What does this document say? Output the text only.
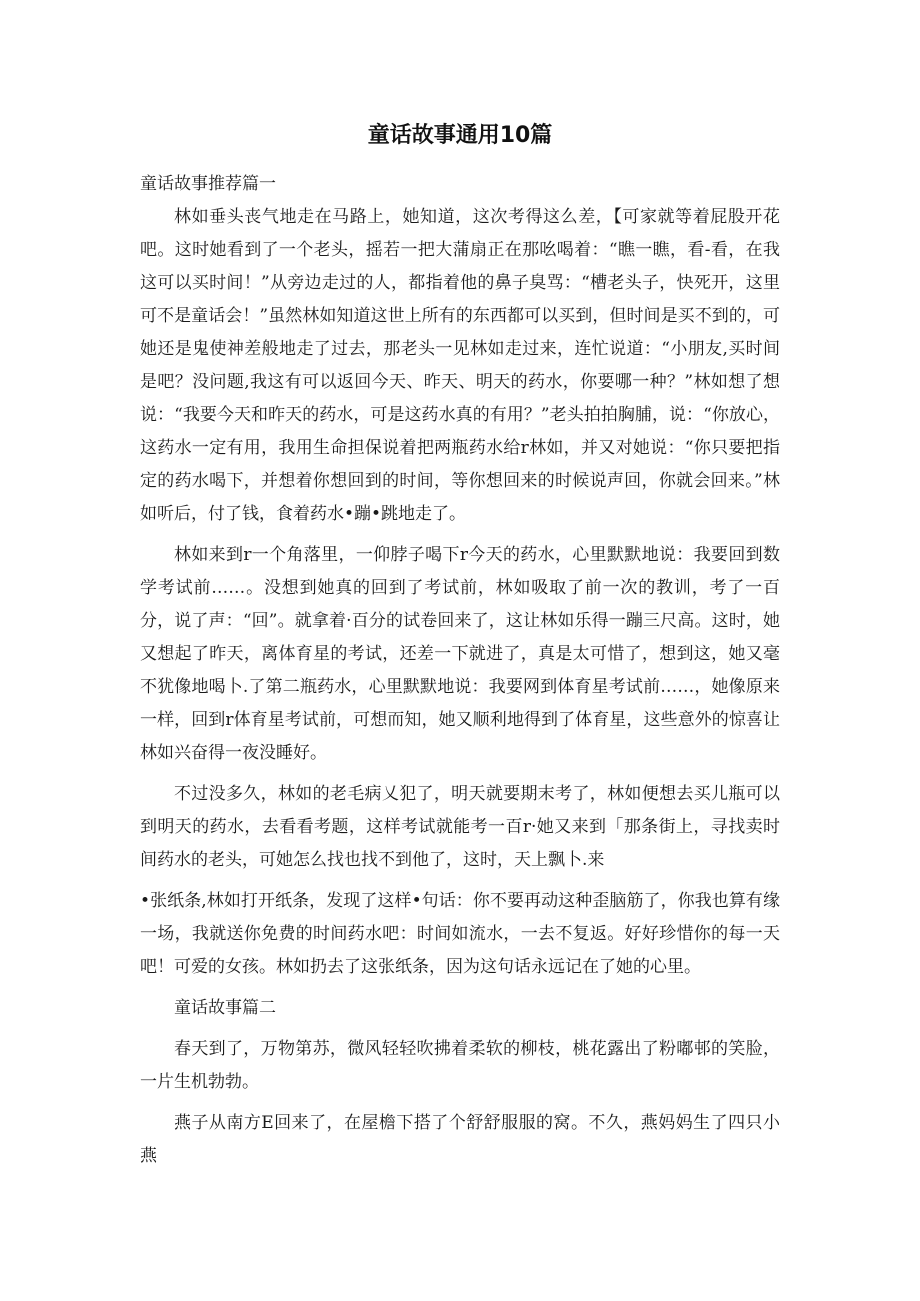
童话故事通用10篇

童话故事推荐篇一

林如垂头丧气地走在马路上，她知道，这次考得这么差，【可家就等着屁股开花吧。这时她看到了一个老头，摇若一把大蒲扇正在那吆喝着：“瞧一瞧，看-看，在我这可以买时间！”从旁边走过的人，都指着他的鼻子臭骂：“槽老头子，快死开，这里可不是童话会！”虽然林如知道这世上所有的东西都可以买到，但时间是买不到的，可她还是鬼使神差般地走了过去，那老头一见林如走过来，连忙说道：“小朋友,买时间是吧？没问题,我这有可以返回今天、昨天、明天的药水，你要哪一种？”林如想了想说：“我要今天和昨天的药水，可是这药水真的有用？”老头拍拍胸脯，说：“你放心，这药水一定有用，我用生命担保说着把两瓶药水给r林如，并又对她说：“你只要把指定的药水喝下，并想着你想回到的时间，等你想回来的时候说声回，你就会回来。”林如听后，付了钱，食着药水•蹦•跳地走了。

林如来到r一个角落里，一仰脖子喝下r今天的药水，心里默默地说：我要回到数学考试前……。没想到她真的回到了考试前，林如吸取了前一次的教训，考了一百分，说了声：“回”。就拿着·百分的试卷回来了，这让林如乐得一蹦三尺高。这时，她又想起了昨天，离体育星的考试，还差一下就进了，真是太可惜了，想到这，她又毫不犹像地喝卜.了第二瓶药水，心里默默地说：我要网到体育星考试前……，她像原来一样，回到r体育星考试前，可想而知，她又顺利地得到了体育星，这些意外的惊喜让林如兴奋得一夜没睡好。

不过没多久，林如的老毛病乂犯了，明天就要期末考了，林如便想去买儿瓶可以到明天的药水，去看看考题，这样考试就能考一百r·她又来到「那条街上，寻找卖时间药水的老头，可她怎么找也找不到他了，这时，天上飘卜.来

•张纸条,林如打开纸条，发现了这样•句话：你不要再动这种歪脑筋了，你我也算有缘一场，我就送你免费的时间药水吧：时间如流水，一去不复返。好好珍惜你的每一天吧！可爱的女孩。林如扔去了这张纸条，因为这句话永远记在了她的心里。

童话故事篇二

春天到了，万物第苏，微风轻轻吹拂着柔软的柳枝，桃花露出了粉嘟邨的笑脸，一片生机勃勃。

燕子从南方E回来了，在屋檐下搭了个舒舒服服的窝。不久，燕妈妈生了四只小燕
